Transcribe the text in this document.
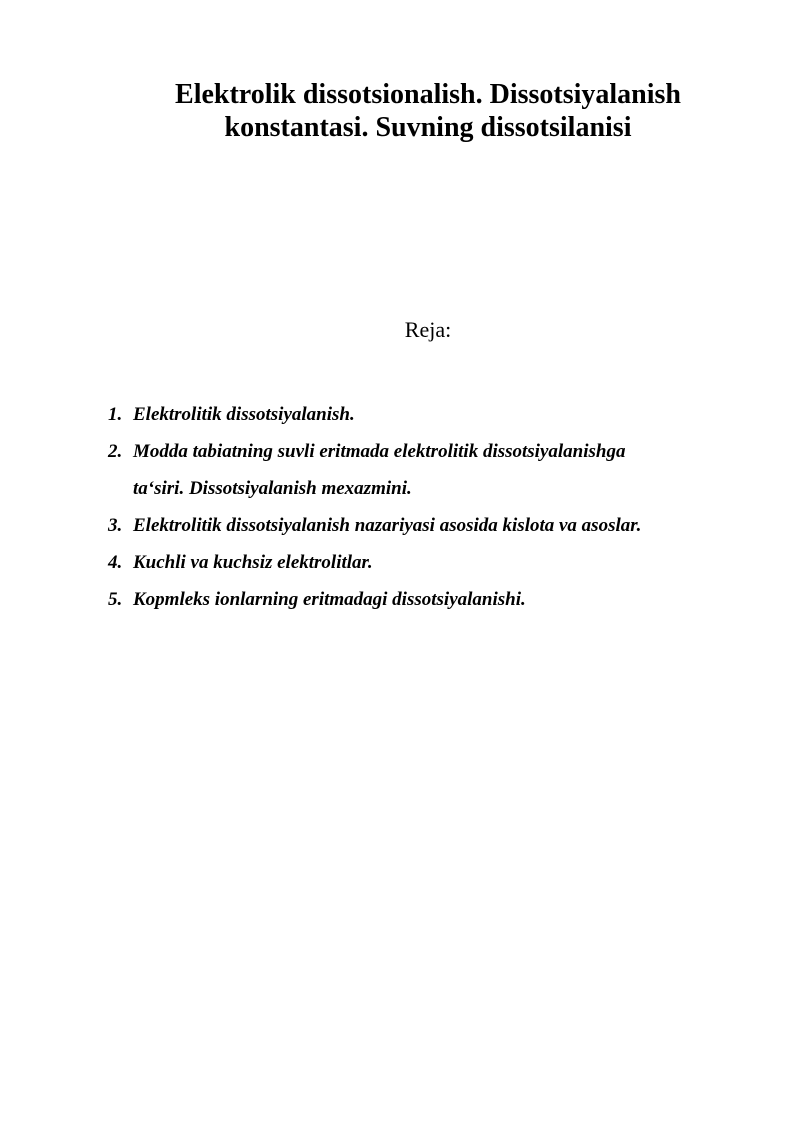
Elektrolik dissotsionalish. Dissotsiyalanish
konstantasi. Suvning dissotsilanisi
Reja:
1. Elektrolitik dissotsiyalanish.
2. Modda tabiatning suvli eritmada elektrolitik dissotsiyalanishga
ta‘siri. Dissotsiyalanish mexazmini.
3. Elektrolitik dissotsiyalanish nazariyasi asosida kislota va asoslar.
4. Kuchli va kuchsiz elektrolitlar.
5. Kopmleks ionlarning eritmadagi dissotsiyalanishi.
